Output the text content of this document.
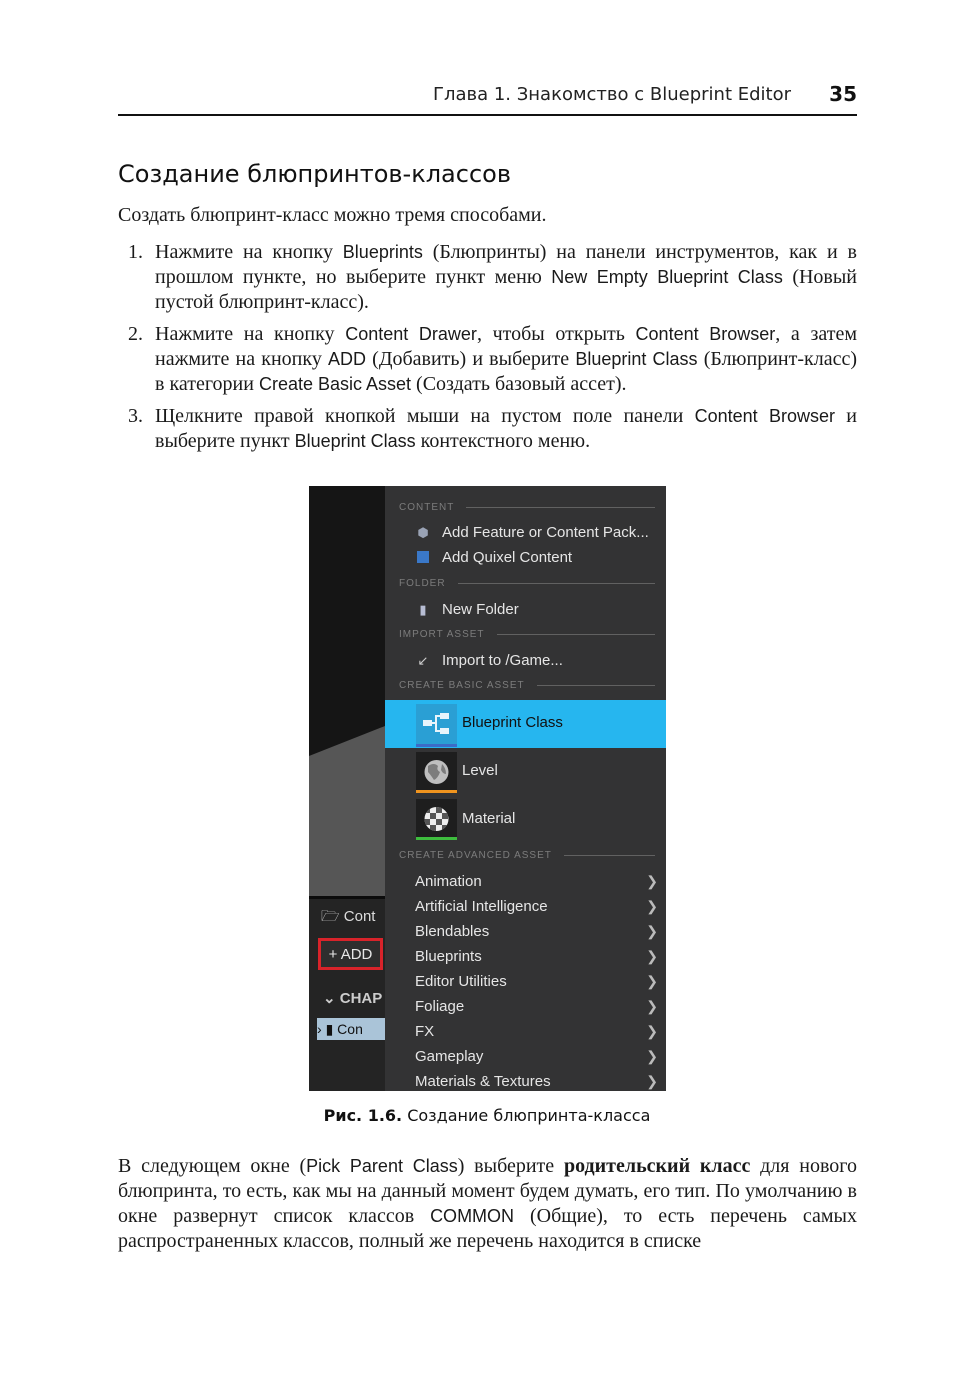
Глава 1. Знакомство с Blueprint Editor 35
Создание блюпринтов-классов

Создать блюпринт-класс можно тремя способами.

1. Нажмите на кнопку Blueprints (Блюпринты) на панели инструментов, как и в прошлом пункте, но выберите пункт меню New Empty Blueprint Class (Новый пустой блюпринт-класс).
2. Нажмите на кнопку Content Drawer, чтобы открыть Content Browser, а затем нажмите на кнопку ADD (Добавить) и выберите Blueprint Class (Блюпринт-класс) в категории Create Basic Asset (Создать базовый ассет).
3. Щелкните правой кнопкой мыши на пустом поле панели Content Browser и выберите пункт Blueprint Class контекстного меню.
🗁 Cont
+ ADD
⌄ CHAP
› ▮ Con
CONTENT
⬢ Add Feature or Content Pack...
Add Quixel Content
FOLDER
▮ New Folder
IMPORT ASSET
↙ Import to /Game...
CREATE BASIC ASSET
Blueprint Class
Level
Material
CREATE ADVANCED ASSET
Animation
Artificial Intelligence
Blendables
Blueprints
Editor Utilities
Foliage
FX
Gameplay
Materials & Textures
❯
❯
❯
❯
❯
❯
❯
❯
❯
Рис. 1.6. Создание блюпринта-класса

В следующем окне (Pick Parent Class) выберите родительский класс для нового блюпринта, то есть, как мы на данный момент будем думать, его тип. По умолчанию в окне развернут список классов COMMON (Общие), то есть перечень самых распространенных классов, полный же перечень находится в списке
